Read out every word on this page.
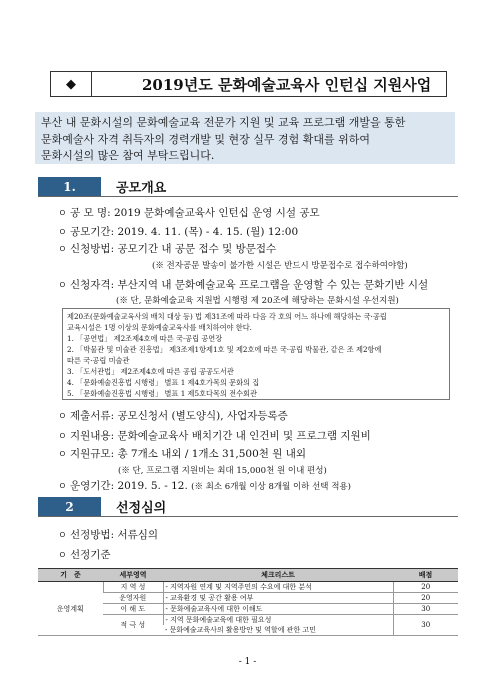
◆	2019년도 문화예술교육사 인턴십 지원사업
부산 내 문화시설의 문화예술교육 전문가 지원 및 교육 프로그램 개발을 통한
문화예술사 자격 취득자의 경력개발 및 현장 실무 경험 확대를 위하여
문화시설의 많은 참여 부탁드립니다.
1.	공모개요
ㅇ 공 모 명: 2019 문화예술교육사 인턴십 운영 시설 공모
ㅇ 공모기간: 2019. 4. 11. (목) - 4. 15. (월) 12:00
ㅇ 신청방법: 공모기간 내 공문 접수 및 방문접수
(※ 전자공문 발송이 불가한 시설은 반드시 방문접수로 접수하여야함)
ㅇ 신청자격: 부산지역 내 문화예술교육 프로그램을 운영할 수 있는 문화기반 시설
(※ 단, 문화예술교육 지원법 시행령 제 20조에 해당하는 문화시설 우선지원)
제20조(문화예술교육사의 배치 대상 등) 법 제31조에 따라 다음 각 호의 어느 하나에 해당하는 국·공립
교육시설은 1명 이상의 문화예술교육사를 배치하여야 한다.
1. 「공연법」 제2조제4호에 따른 국·공립 공연장
2. 「박물관 및 미술관 진흥법」 제3조제1항제1호 및 제2호에 따른 국·공립 박물관, 같은 조 제2항에
따른 국·공립 미술관
3. 「도서관법」 제2조제4호에 따른 공립 공공도서관
4. 「문화예술진흥법 시행령」 별표 1 제4호가목의 문화의 집
5. 「문화예술진흥법 시행령」 별표 1 제5호다목의 전수회관
ㅇ 제출서류: 공모신청서 (별도양식), 사업자등록증
ㅇ 지원내용: 문화예술교육사 배치기간 내 인건비 및 프로그램 지원비
ㅇ 지원규모: 총 7개소 내외 / 1개소 31,500천 원 내외
(※ 단, 프로그램 지원비는 최대 15,000천 원 이내 편성)
ㅇ 운영기간: 2019. 5. - 12. (※ 최소 6개월 이상 8개월 이하 선택 적용)
2	선정심의
ㅇ 선정방법: 서류심의
ㅇ 선정기준
기　준	세부영역	체크리스트	배점
운영계획	지 역 성	- 지역자원 연계 및 지역주민의 수요에 대한 분석	20
	운영자원	- 교육환경 및 공간 활용 여부	20
	이 해 도	- 문화예술교육사에 대한 이해도	30
	적 극 성	- 지역 문화예술교육에 대한 필요성	30
		- 문화예술교육사의 활용방안 및 역할에 관한 고민	
- 1 -
